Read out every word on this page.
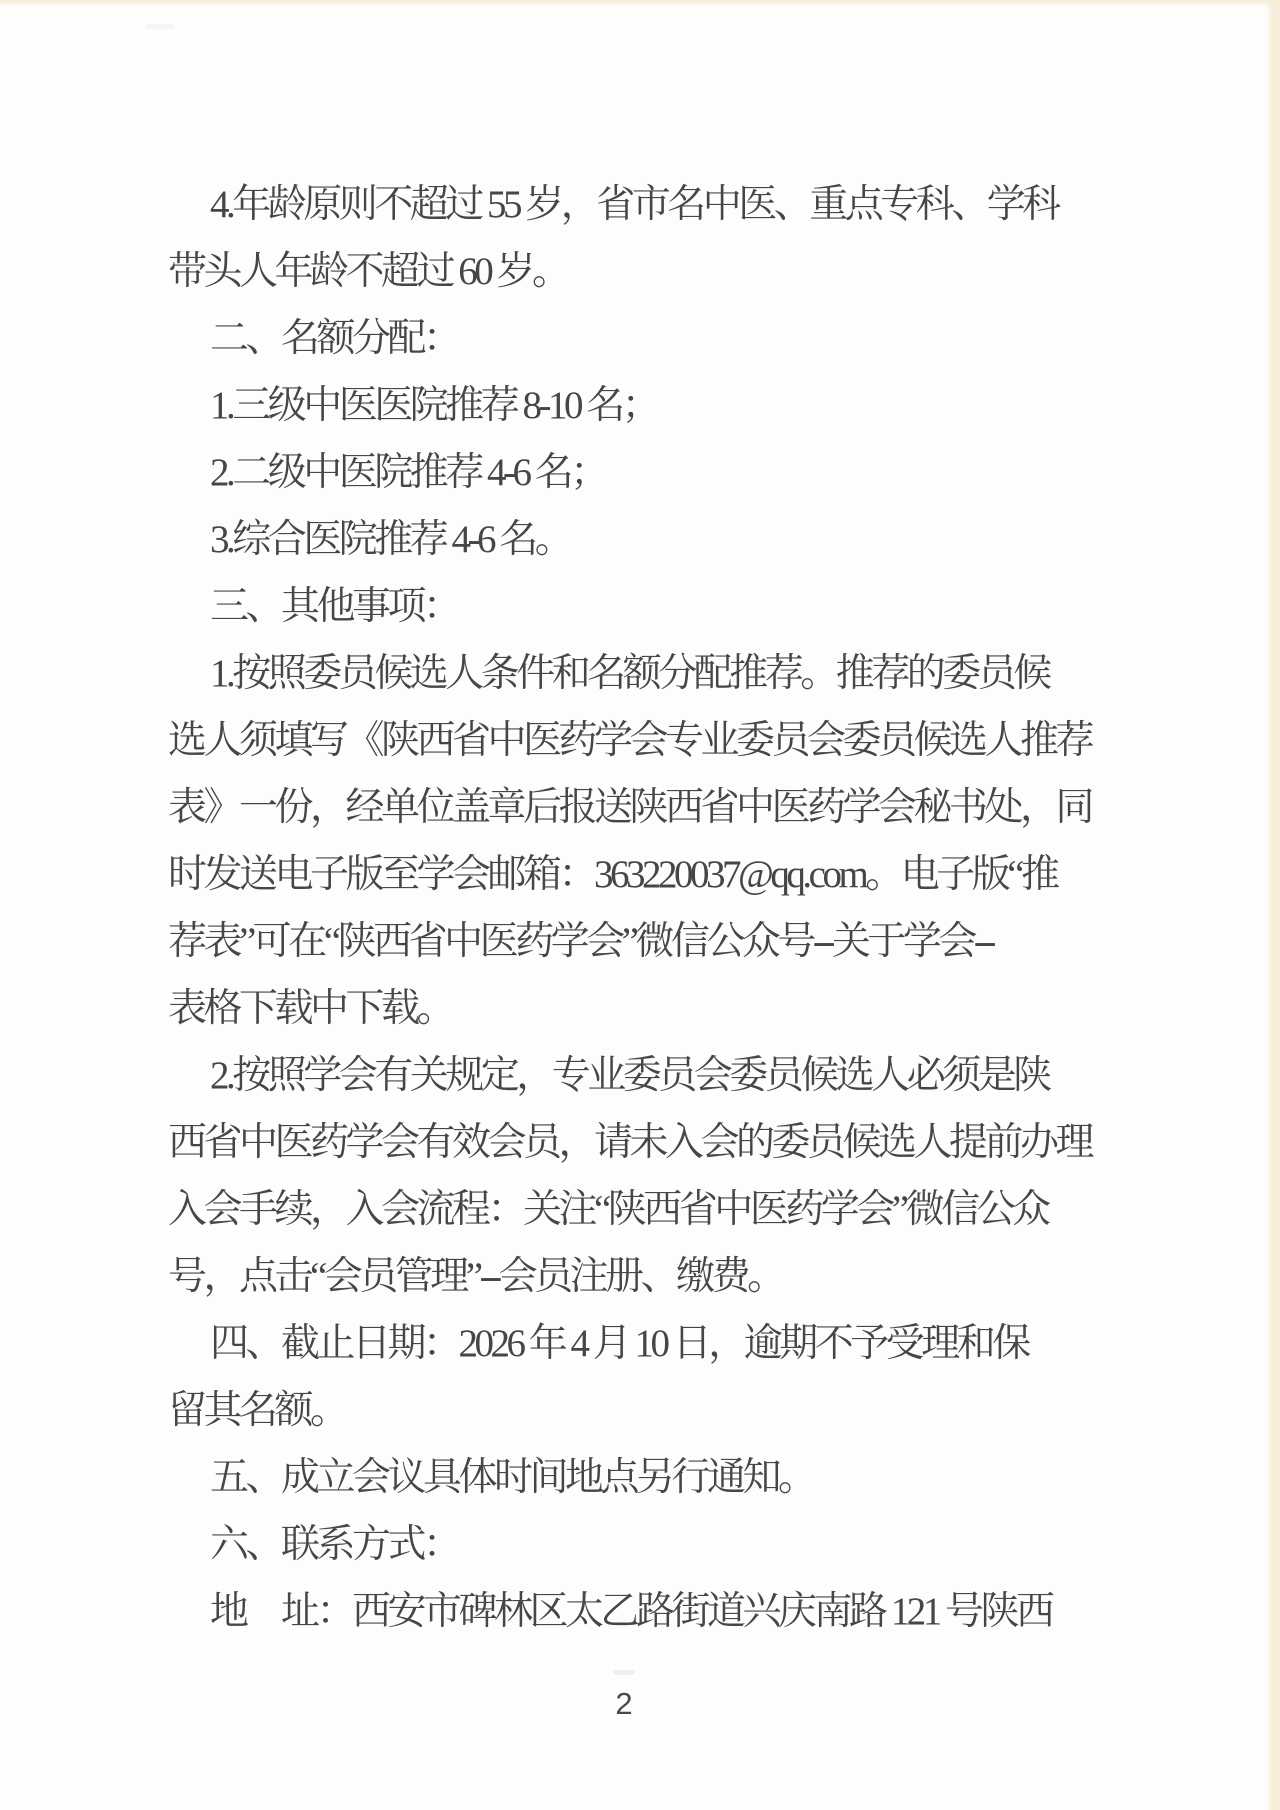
4.年龄原则不超过 55 岁，省市名中医、重点专科、学科
带头人年龄不超过 60 岁。
二、名额分配：
1.三级中医医院推荐 8-10 名；
2.二级中医院推荐 4-6 名；
3.综合医院推荐 4-6 名。
三、其他事项：
1.按照委员候选人条件和名额分配推荐。推荐的委员候
选人须填写《陕西省中医药学会专业委员会委员候选人推荐
表》一份，经单位盖章后报送陕西省中医药学会秘书处，同
时发送电子版至学会邮箱：363220037@qq.com。电子版“推
荐表”可在“陕西省中医药学会”微信公众号--关于学会--
表格下载中下载。
2.按照学会有关规定，专业委员会委员候选人必须是陕
西省中医药学会有效会员，请未入会的委员候选人提前办理
入会手续，入会流程：关注“陕西省中医药学会”微信公众
号，点击“会员管理”--会员注册、缴费。
四、截止日期：2026 年 4 月 10 日，逾期不予受理和保
留其名额。
五、成立会议具体时间地点另行通知。
六、联系方式：
地　址：西安市碑林区太乙路街道兴庆南路 121 号陕西
2
